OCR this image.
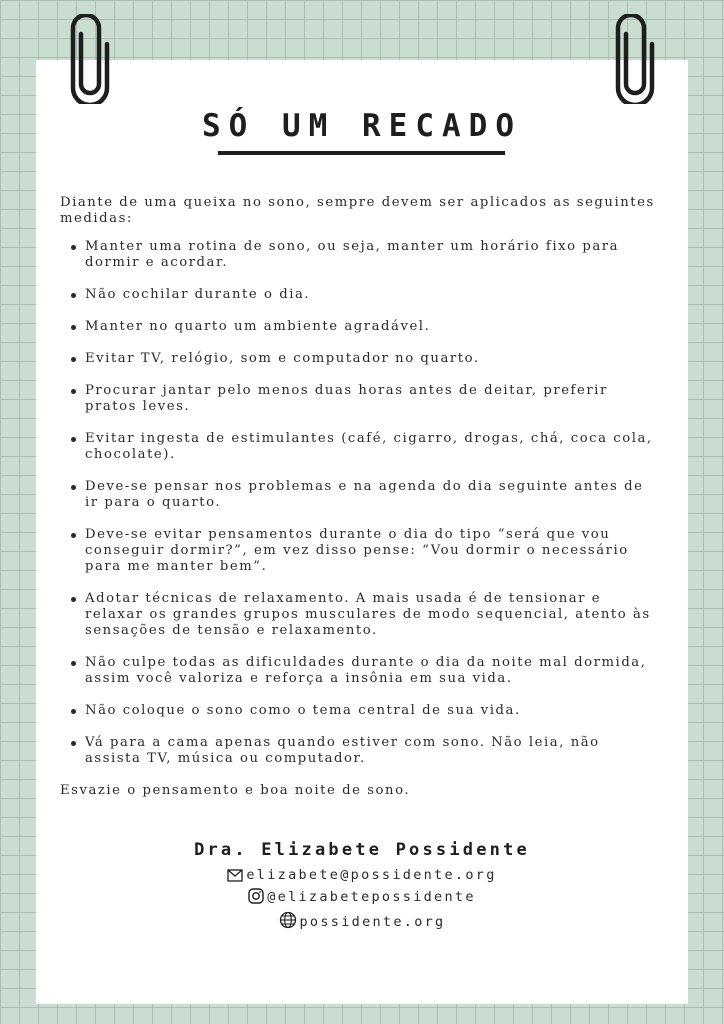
SÓ UM RECADO

Diante de uma queixa no sono, sempre devem ser aplicados as seguintes medidas:

Manter uma rotina de sono, ou seja, manter um horário fixo para dormir e acordar.
Não cochilar durante o dia.
Manter no quarto um ambiente agradável.
Evitar TV, relógio, som e computador no quarto.
Procurar jantar pelo menos duas horas antes de deitar, preferir pratos leves.
Evitar ingesta de estimulantes (café, cigarro, drogas, chá, coca cola, chocolate).
Deve-se pensar nos problemas e na agenda do dia seguinte antes de ir para o quarto.
Deve-se evitar pensamentos durante o dia do tipo “será que vou conseguir dormir?”, em vez disso pense: “Vou dormir o necessário para me manter bem”.
Adotar técnicas de relaxamento. A mais usada é de tensionar e relaxar os grandes grupos musculares de modo sequencial, atento às sensações de tensão e relaxamento.
Não culpe todas as dificuldades durante o dia da noite mal dormida, assim você valoriza e reforça a insônia em sua vida.
Não coloque o sono como o tema central de sua vida.
Vá para a cama apenas quando estiver com sono. Não leia, não assista TV, música ou computador.

Esvazie o pensamento e boa noite de sono.

Dra. Elizabete Possidente
elizabete@possidente.org
@elizabetepossidente
possidente.org
